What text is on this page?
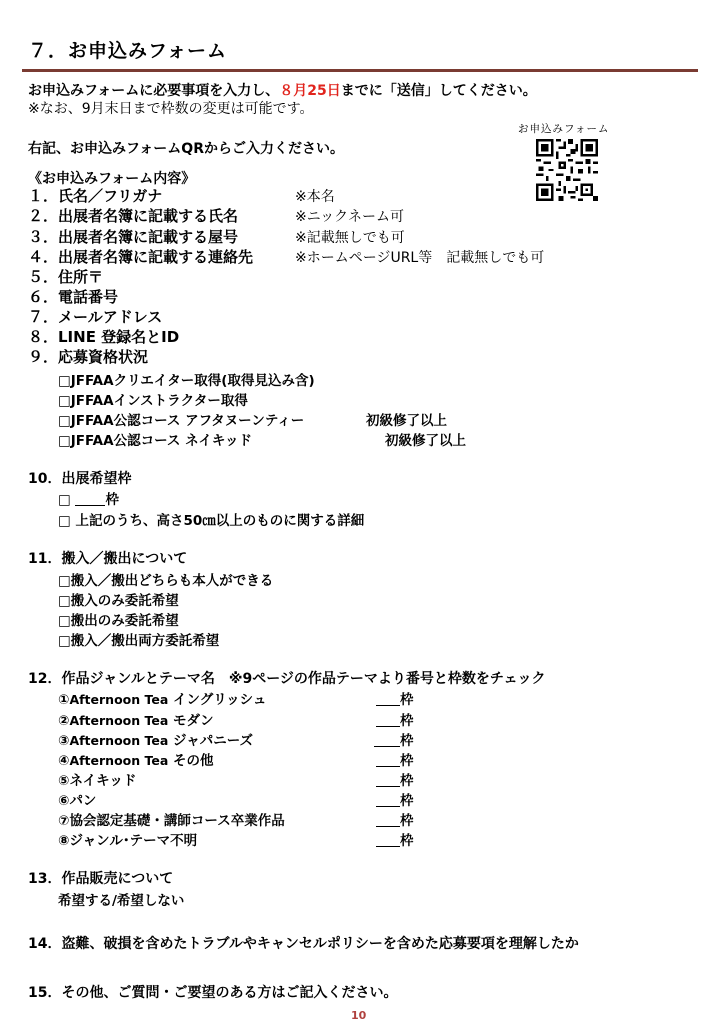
７．お申込みフォーム
お申込みフォームに必要事項を入力し、８月25日までに「送信」してください。
※なお、9月末日まで枠数の変更は可能です。
右記、お申込みフォームQRからご入力ください。
お申込みフォーム
《お申込みフォーム内容》
１．氏名／フリガナ	※本名
２．出展者名簿に記載する氏名	※ニックネーム可
３．出展者名簿に記載する屋号	※記載無しでも可
４．出展者名簿に記載する連絡先	※ホームページURL等　記載無しでも可
５．住所〒
６．電話番号
７．メールアドレス
８．LINE 登録名とID
９．応募資格状況
□JFFAAクリエイター取得(取得見込み含)
□JFFAAインストラクター取得
□JFFAA公認コース アフタヌーンティー	初級修了以上
□JFFAA公認コース ネイキッド	初級修了以上
10．出展希望枠
□	枠
□ 上記のうち、高さ50㎝以上のものに関する詳細
11．搬入／搬出について
□搬入／搬出どちらも本人ができる
□搬入のみ委託希望
□搬出のみ委託希望
□搬入／搬出両方委託希望
12．作品ジャンルとテーマ名　※9ページの作品テーマより番号と枠数をチェック
①Afternoon Tea イングリッシュ	枠
②Afternoon Tea モダン	枠
③Afternoon Tea ジャパニーズ	枠
④Afternoon Tea その他	枠
⑤ネイキッド	枠
⑥パン	枠
⑦協会認定基礎・講師コース卒業作品	枠
⑧ジャンル･テーマ不明	枠
13．作品販売について
希望する/希望しない
14．盗難、破損を含めたトラブルやキャンセルポリシーを含めた応募要項を理解したか
15．その他、ご質問・ご要望のある方はご記入ください。
10
